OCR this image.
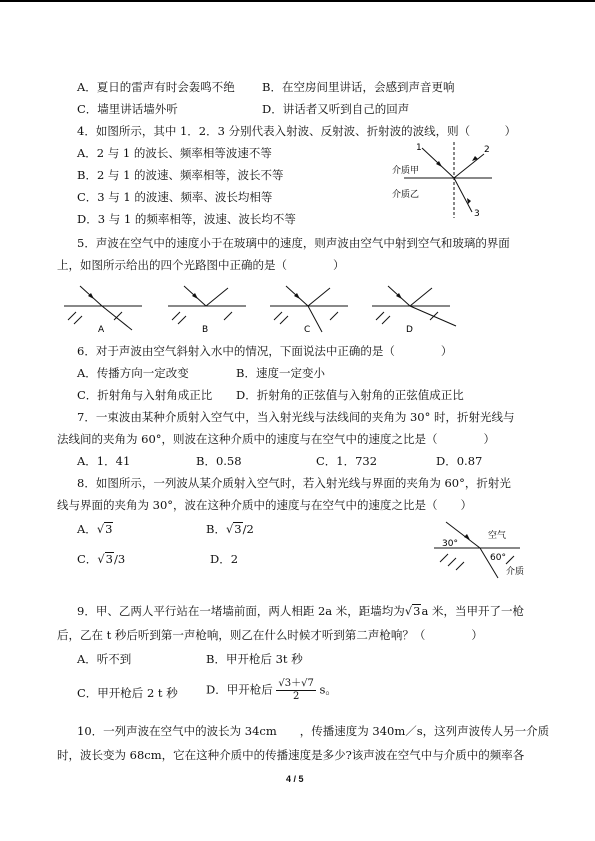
A．夏日的雷声有时会轰鸣不绝 B．在空房间里讲话，会感到声音更响
C．墙里讲话墙外听	D．讲话者又听到自己的回声
4．如图所示，其中 1．2．3 分别代表入射波、反射波、折射波的波线，则（　　　）
A．2 与 1 的波长、频率相等波速不等
B．2 与 1 的波速、频率相等，波长不等
C．3 与 1 的波速、频率、波长均相等
D．3 与 1 的频率相等，波速、波长均不等
介质甲
介质乙
1	2
3
5．声波在空气中的速度小于在玻璃中的速度，则声波由空气中射到空气和玻璃的界面
上，如图所示给出的四个光路图中正确的是（　　　　）
A	B	C	D
6．对于声波由空气斜射入水中的情况，下面说法中正确的是（　　　　）
A．传播方向一定改变	B．速度一定变小
C．折射角与入射角成正比 D．折射角的正弦值与入射角的正弦值成正比
7．一束波由某种介质射入空气中，当入射光线与法线间的夹角为 30° 时，折射光线与
法线间的夹角为 60°，则波在这种介质中的速度与在空气中的速度之比是（　　　　）
A．1．41	B．0.58	C．1．732	D．0.87
8．如图所示，一列波从某介质射入空气时，若入射光线与界面的夹角为 60°，折射光
线与界面的夹角为 30°，波在这种介质中的速度与在空气中的速度之比是（　　）
A．√3	B．√3/2
C．√3/3	D．2
30°
60°
空气
介质
9．甲、乙两人平行站在一堵墙前面，两人相距 2a 米，距墙均为√3a 米，当甲开了一枪
后，乙在 t 秒后听到第一声枪响，则乙在什么时候才听到第二声枪响？（　　　　）
A．听不到	B．甲开枪后 3t 秒
C．甲开枪后 2 t 秒 D．甲开枪后 $\frac{√3+√7}{2}$ s。
10．一列声波在空气中的波长为 34cm　　，传播速度为 340m／s，这列声波传人另一介质
时，波长变为 68cm，它在这种介质中的传播速度是多少?该声波在空气中与介质中的频率各
4 / 5
